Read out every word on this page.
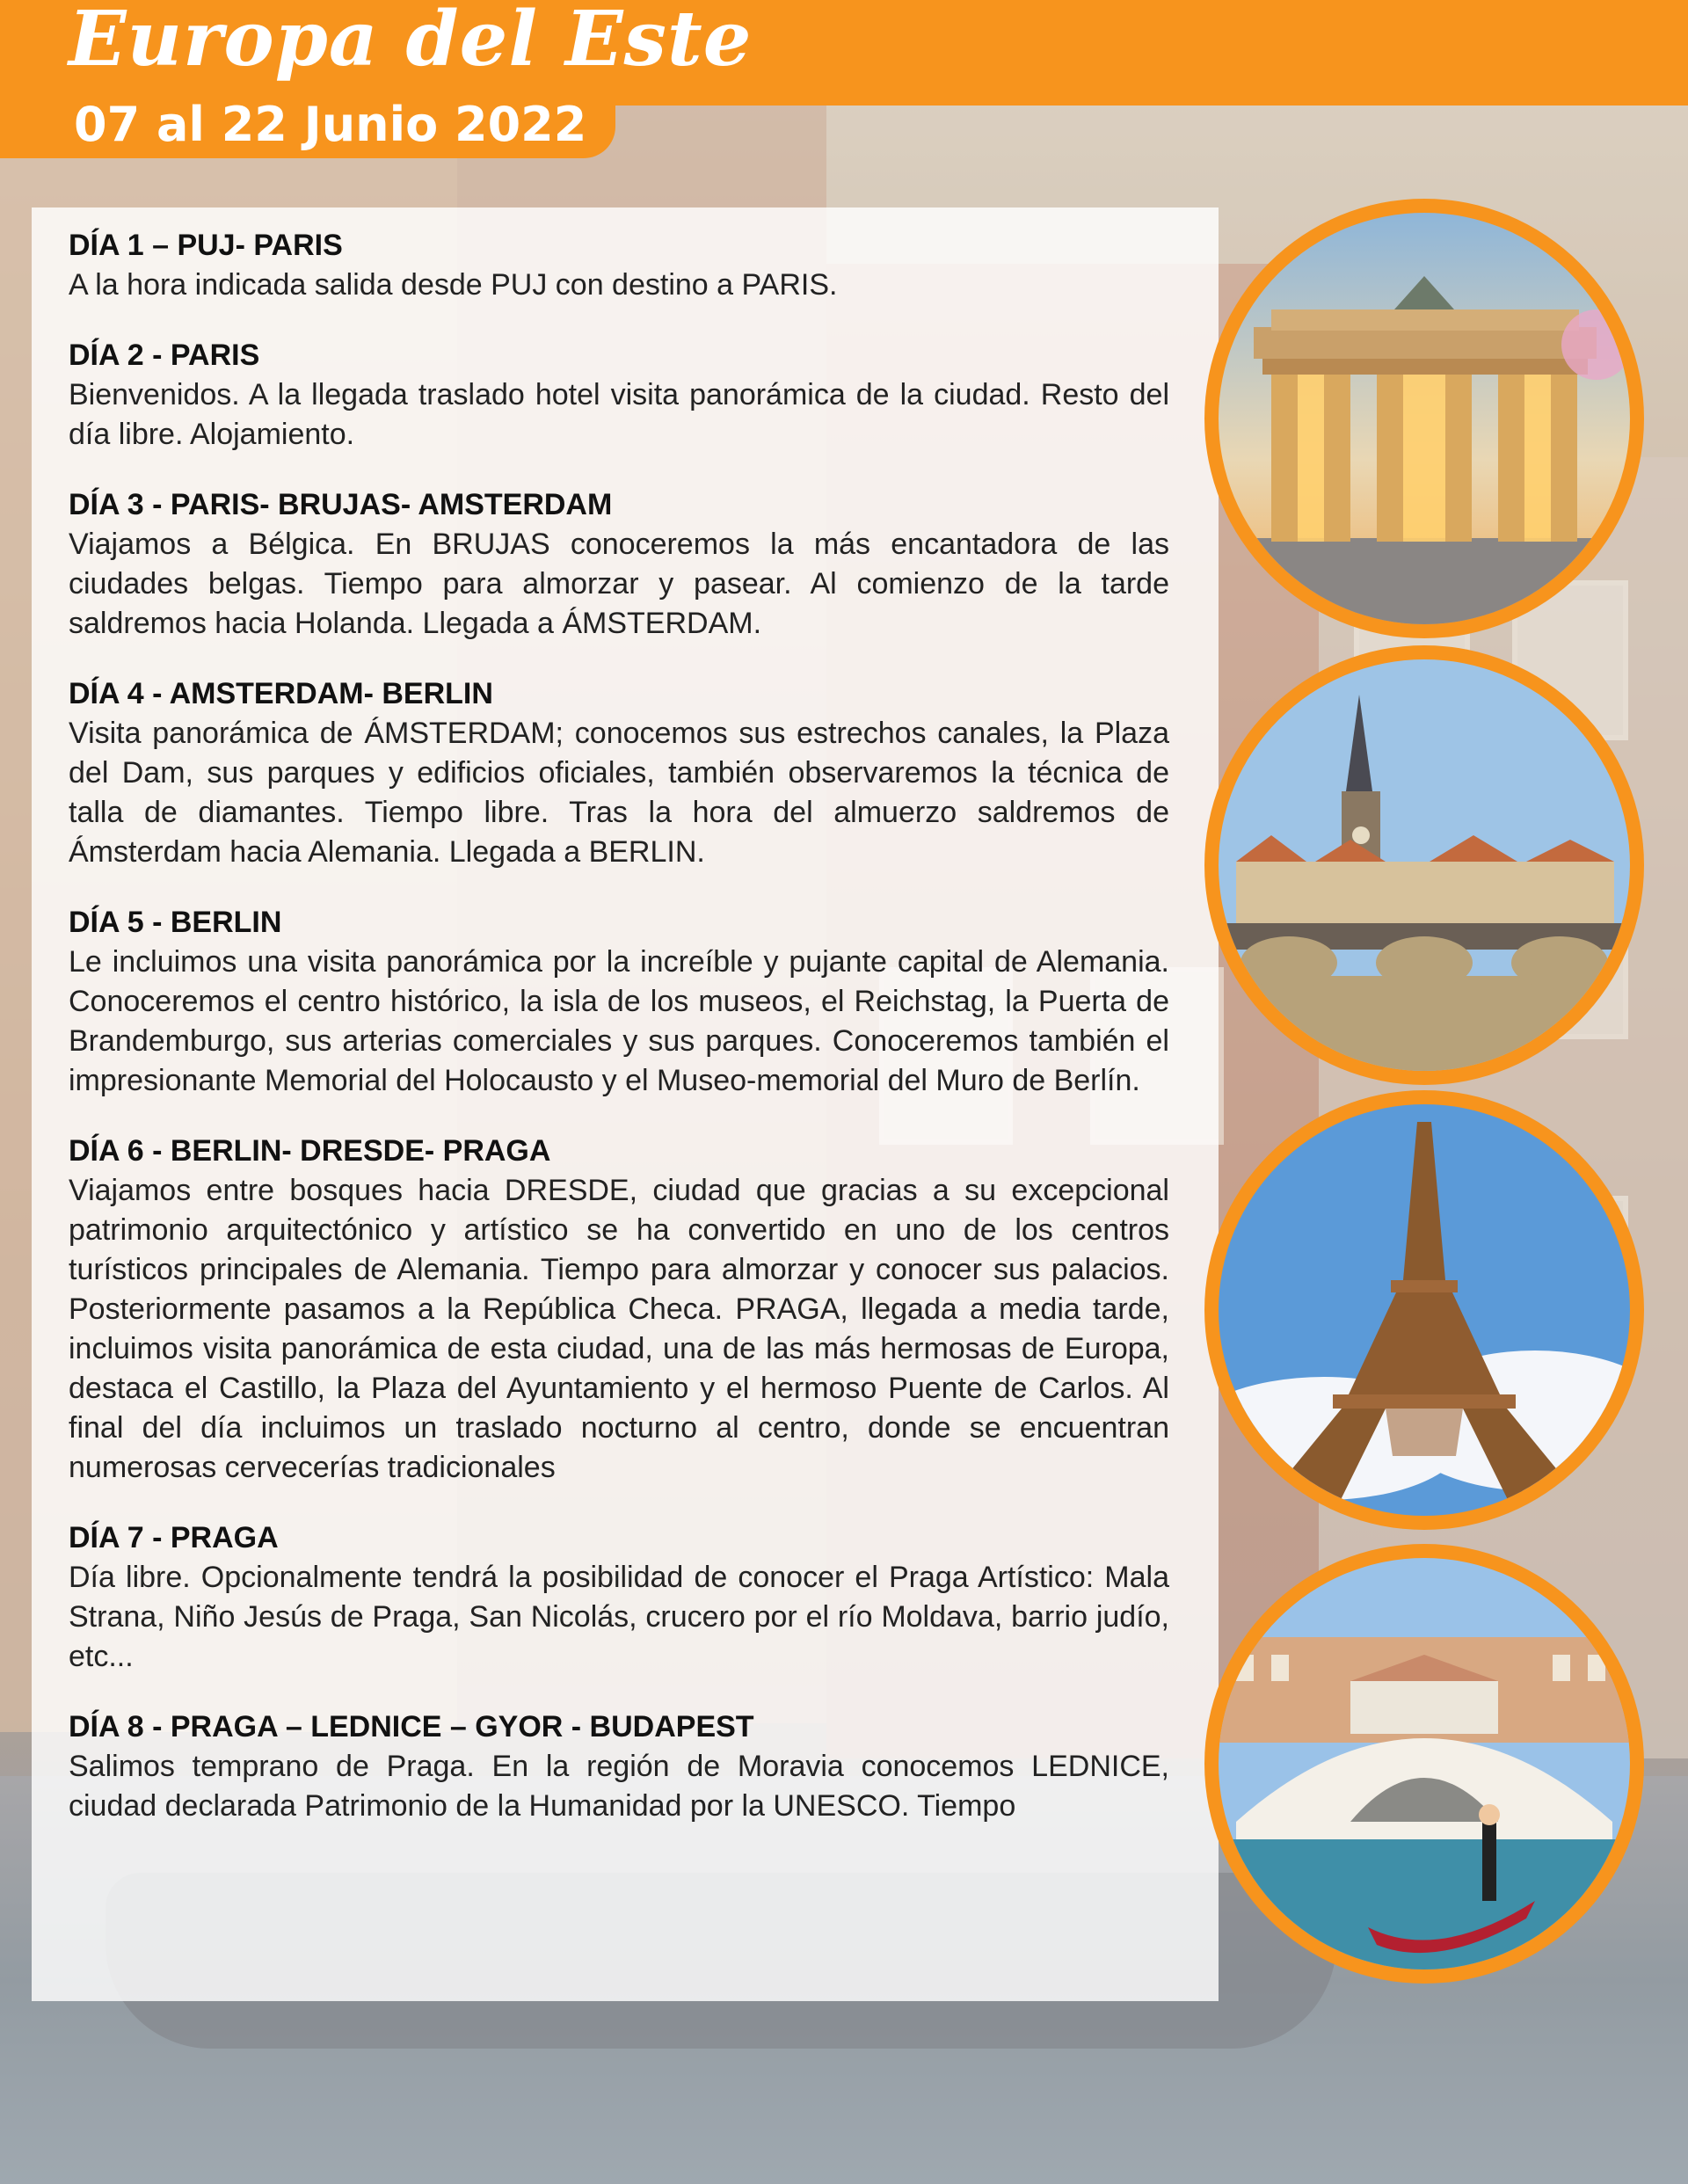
Europa del Este

07 al 22 Junio 2022

DÍA 1 – PUJ- PARIS

A la hora indicada salida desde PUJ con destino a PARIS.

DÍA 2 - PARIS

Bienvenidos. A la llegada traslado hotel visita panorámica de la ciudad. Resto del día libre. Alojamiento.

DÍA 3 - PARIS- BRUJAS- AMSTERDAM

Viajamos a Bélgica. En BRUJAS conoceremos la más encantadora de las ciudades belgas. Tiempo para almorzar y pasear. Al comienzo de la tarde saldremos hacia Holanda. Llegada a ÁMSTERDAM.

DÍA 4 - AMSTERDAM- BERLIN

Visita panorámica de ÁMSTERDAM; conocemos sus estrechos canales, la Plaza del Dam, sus parques y edificios oficiales, también observaremos la técnica de talla de diamantes. Tiempo libre. Tras la hora del almuerzo saldremos de Ámsterdam hacia Alemania. Llegada a BERLIN.

DÍA 5 - BERLIN

Le incluimos una visita panorámica por la increíble y pujante capital de Alemania. Conoceremos el centro histórico, la isla de los museos, el Reichstag, la Puerta de Brandemburgo, sus arterias comerciales y sus parques. Conoceremos también el impresionante Memorial del Holocausto y el Museo-memorial del Muro de Berlín.

DÍA 6 - BERLIN- DRESDE- PRAGA

Viajamos entre bosques hacia DRESDE, ciudad que gracias a su excepcional patrimonio arquitectónico y artístico se ha convertido en uno de los centros turísticos principales de Alemania. Tiempo para almorzar y conocer sus palacios. Posteriormente pasamos a la República Checa. PRAGA, llegada a media tarde, incluimos visita panorámica de esta ciudad, una de las más hermosas de Europa, destaca el Castillo, la Plaza del Ayuntamiento y el hermoso Puente de Carlos. Al final del día incluimos un traslado nocturno al centro, donde se encuentran numerosas cervecerías tradicionales

DÍA 7 - PRAGA

Día libre. Opcionalmente tendrá la posibilidad de conocer el Praga Artístico: Mala Strana, Niño Jesús de Praga, San Nicolás, crucero por el río Moldava, barrio judío, etc...

DÍA 8 - PRAGA – LEDNICE – GYOR - BUDAPEST

Salimos temprano de Praga. En la región de Moravia conocemos LEDNICE, ciudad declarada Patrimonio de la Humanidad por la UNESCO. Tiempo
